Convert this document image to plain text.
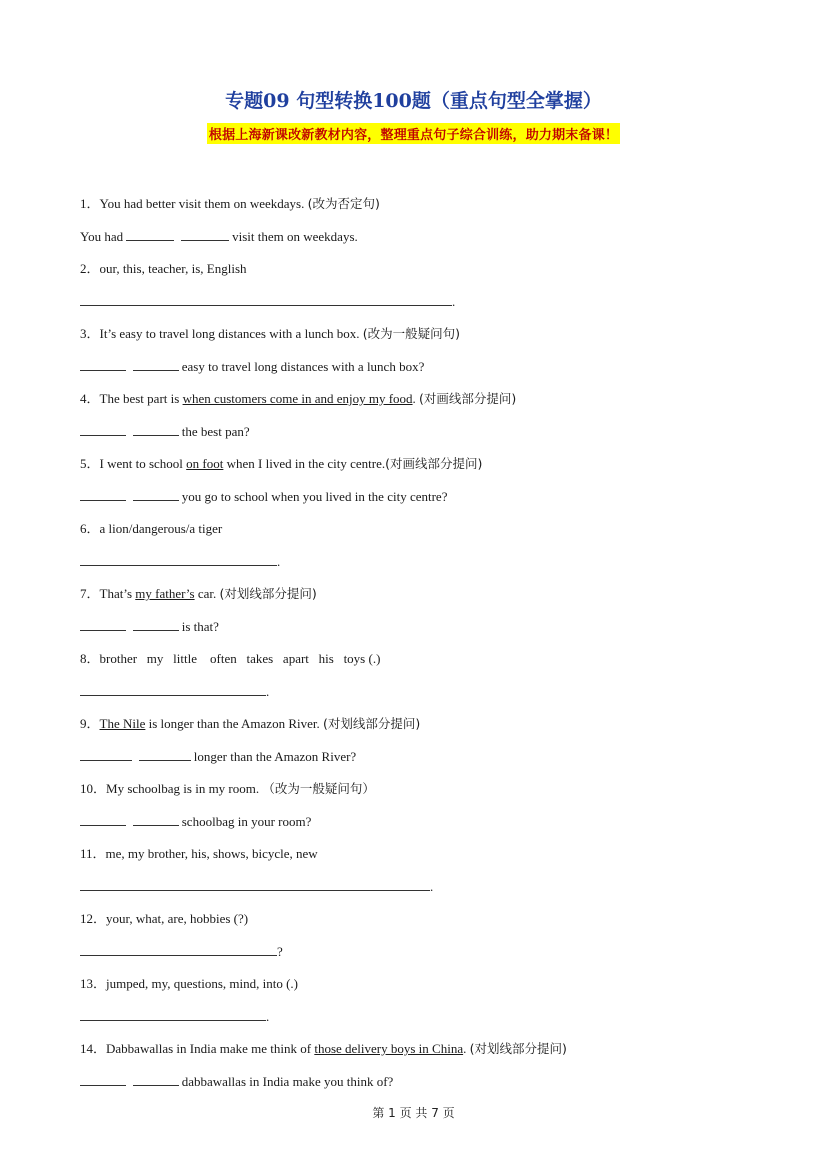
专题09 句型转换100题（重点句型全掌握）
根据上海新课改新教材内容，整理重点句子综合训练，助力期末备课！
1．You had better visit them on weekdays. (改为否定句)
You had	visit them on weekdays.
2．our, this, teacher, is, English
.
3．It’s easy to travel long distances with a lunch box. (改为一般疑问句)
easy to travel long distances with a lunch box?
4．The best part is when customers come in and enjoy my food. (对画线部分提问)
the best pan?
5．I went to school on foot when I lived in the city centre.(对画线部分提问)
you go to school when you lived in the city centre?
6．a lion/dangerous/a tiger
.
7．That’s my father’s car. (对划线部分提问)
is that?
8．brother   my   little    often   takes   apart   his   toys (.)
.
9．The Nile is longer than the Amazon River. (对划线部分提问)
longer than the Amazon River?
10．My schoolbag is in my room. （改为一般疑问句）
schoolbag in your room?
11．me, my brother, his, shows, bicycle, new
.
12．your, what, are, hobbies (?)
?
13．jumped, my, questions, mind, into (.)
.
14．Dabbawallas in India make me think of those delivery boys in China. (对划线部分提问)
dabbawallas in India make you think of?
第 1 页 共 7 页
